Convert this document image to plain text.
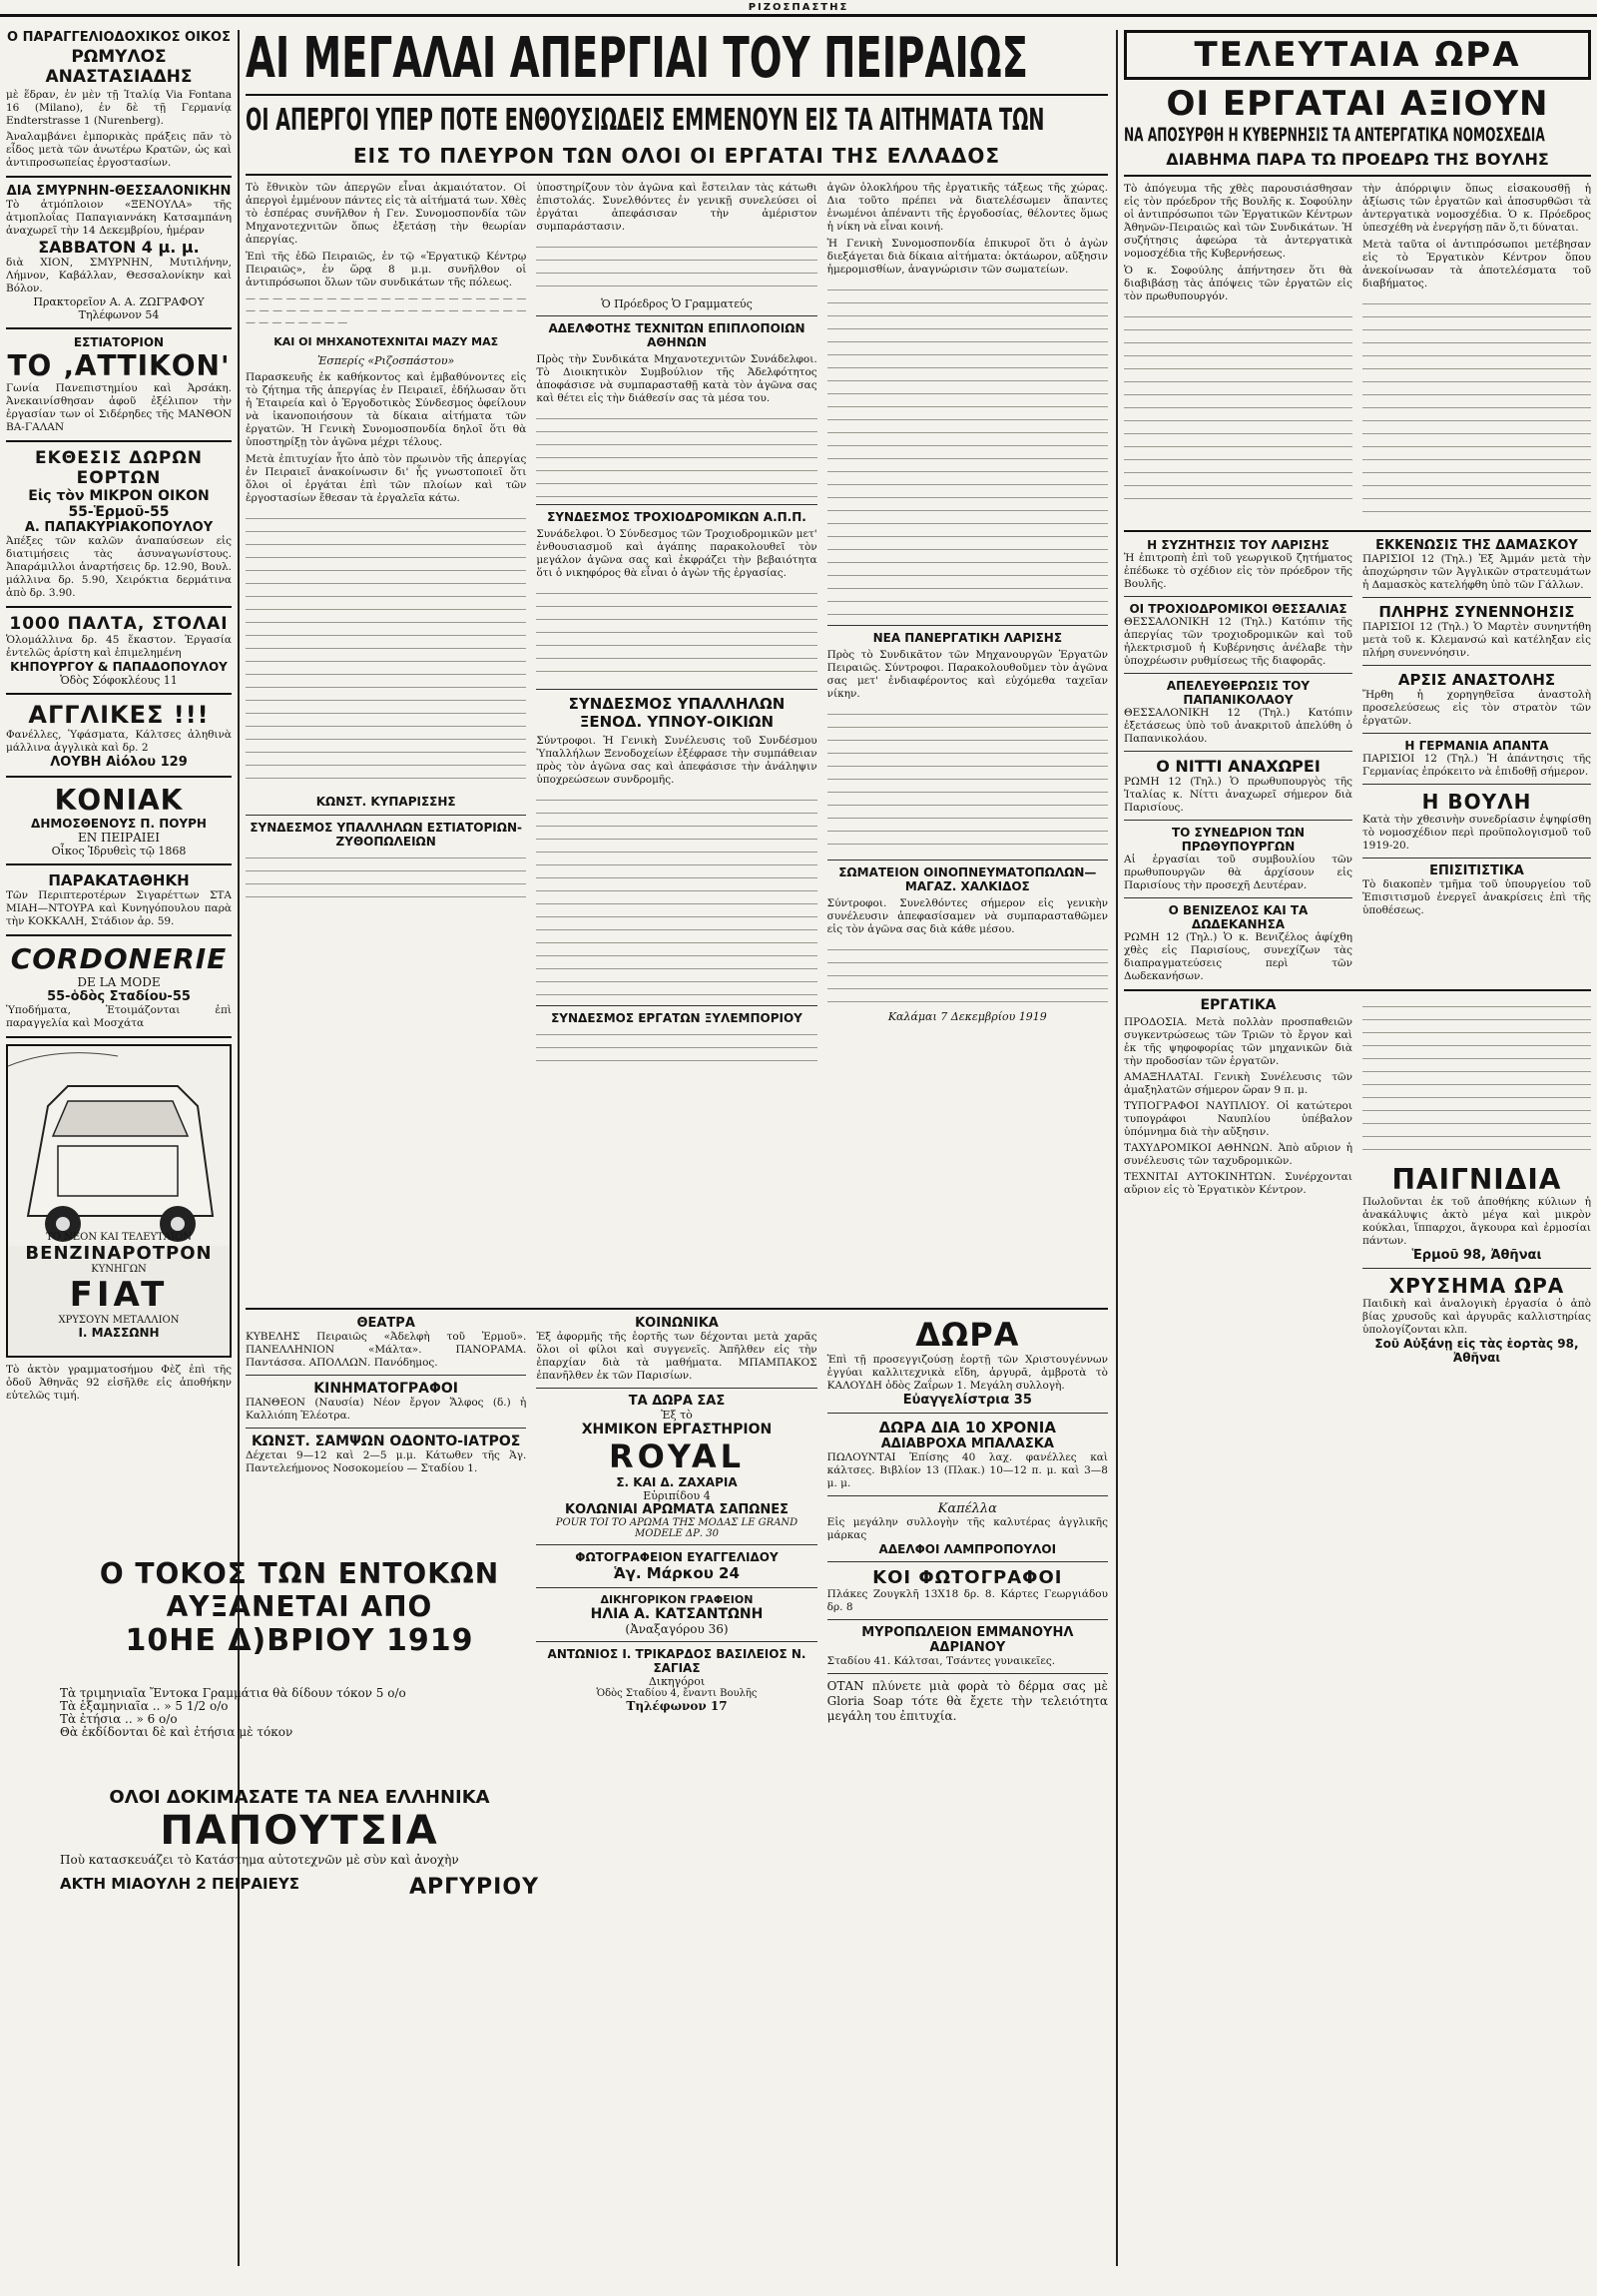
ΡΙΖΟΣΠΑΣΤΗΣ
Ο ΠΑΡΑΓΓΕΛΙΟΔΟΧΙΚΟΣ ΟΙΚΟΣ
ΡΩΜΥΛΟΣ ΑΝΑΣΤΑΣΙΑΔΗΣ
μὲ ἕδραν, ἐν μὲν τῇ Ἰταλίᾳ Via Fontana 16 (Milano), ἐν δὲ τῇ Γερμανίᾳ Endterstrasse 1 (Nurenberg).
Ἀναλαμβάνει ἐμπορικὰς πράξεις πᾶν τὸ εἶδος μετὰ τῶν ἀνωτέρω Κρατῶν, ὡς καὶ ἀντιπροσωπείας ἐργοστασίων.
ΔΙΑ ΣΜΥΡΝΗΝ-ΘΕΣΣΑΛΟΝΙΚΗΝ
Τὸ ἀτμόπλοιον «ΞΕΝΟΥΛΑ» τῆς ἀτμοπλοΐας Παπαγιαννάκη Κατσαμπάνη ἀναχωρεῖ τὴν 14 Δεκεμβρίου, ἡμέραν
ΣΑΒΒΑΤΟΝ 4 μ. μ.
διὰ ΧΙΟΝ, ΣΜΥΡΝΗΝ, Μυτιλήνην, Λήμνον, Καβάλλαν, Θεσσαλονίκην καὶ Βόλον.
Πρακτορεῖον Α. Α. ΖΩΓΡΑΦΟΥ
Τηλέφωνον 54
ΕΣΤΙΑΤΟΡΙΟΝ
ΤΟ ‚ΑΤΤΙΚΟΝ'
Γωνία Πανεπιστημίου καὶ Ἀρσάκη. Ἀνεκαινίσθησαν ἀφοῦ ἐξέλιπον τὴν ἐργασίαν των οἱ Σιδέρηδες τῆς ΜΑΝΘΟΝ ΒΑ-ΓΑΛΑΝ
ΕΚΘΕΣΙΣ ΔΩΡΩΝ ΕΟΡΤΩΝ
Εἰς τὸν ΜΙΚΡΟΝ ΟΙΚΟΝ
55-Ἑρμοῦ-55
Α. ΠΑΠΑΚΥΡΙΑΚΟΠΟΥΛΟΥ
Ἀπέξες τῶν καλῶν ἀναπαύσεων εἰς διατιμήσεις τὰς ἀσυναγωνίστους. Ἀπαράμιλλοι ἀναρτήσεις δρ. 12.90, Βουλ. μάλλινα δρ. 5.90, Χειρόκτια δερμάτινα ἀπὸ δρ. 3.90.
1000 ΠΑΛΤΑ, ΣΤΟΛΑΙ
Ὁλομάλλινα δρ. 45 ἕκαστον. Ἐργασία ἐντελῶς ἀρίστη καὶ ἐπιμελημένη
ΚΗΠΟΥΡΓΟΥ & ΠΑΠΑΔΟΠΟΥΛΟΥ
Ὁδὸς Σόφοκλέους 11
ΑΓΓΛΙΚΕΣ !!!
Φανέλλες, Ὑφάσματα, Κάλτσες ἀληθινὰ μάλλινα ἀγγλικὰ καὶ δρ. 2
ΛΟΥΒΗ Αἰόλου 129
ΚΟΝΙΑΚ
ΔΗΜΟΣΘΕΝΟΥΣ Π. ΠΟΥΡΗ
ΕΝ ΠΕΙΡΑΙΕΙ
Οἶκος Ἱδρυθεὶς τῷ 1868
ΠΑΡΑΚΑΤΑΘΗΚΗ
Τῶν Περιπτεροτέρων Σιγαρέττων ΣΤΑ ΜΙΑΗ—ΝΤΟΥΡΑ καὶ Κυνηγόπουλου παρὰ τὴν ΚΟΚΚΑΛΗ, Στάδιον ἀρ. 59.
CORDONERIE
DE LA MODE
55-ὁδὸς Σταδίου-55
Ὑποδήματα, Ἐτοιμάζονται ἐπὶ παραγγελία καὶ Μοσχάτα
ΤΟ ΝΕΟΝ ΚΑΙ ΤΕΛΕΥΤΑΙΟΝ
BENZINAPOTPON
ΚΥΝΗΓΩΝ
FIAT
ΧΡΥΣΟΥΝ ΜΕΤΑΛΛΙΟΝ
Ι. ΜΑΣΣΩΝΗ
Τὸ ἀκτὸν γραμματοσήμου Φὲζ ἐπὶ τῆς ὁδοῦ Ἀθηνᾶς 92 εἰσῆλθε εἰς ἀποθήκην εὐτελῶς τιμή.
ΑΙ ΜΕΓΑΛΑΙ ΑΠΕΡΓΙΑΙ ΤΟΥ ΠΕΙΡΑΙΩΣ
ΟΙ ΑΠΕΡΓΟΙ ΥΠΕΡ ΠΟΤΕ ΕΝΘΟΥΣΙΩΔΕΙΣ ΕΜΜΕΝΟΥΝ ΕΙΣ ΤΑ ΑΙΤΗΜΑΤΑ ΤΩΝ
ΕΙΣ ΤΟ ΠΛΕΥΡΟΝ ΤΩΝ ΟΛΟΙ ΟΙ ΕΡΓΑΤΑΙ ΤΗΣ ΕΛΛΑΔΟΣ

Τὸ ἔθνικὸν τῶν ἀπεργῶν εἶναι ἀκμαιότατον. Οἱ ἀπεργοὶ ἐμμένουν πάντες εἰς τὰ αἰτήματά των. Χθὲς τὸ ἑσπέρας συνῆλθον ἡ Γεν. Συνομοσπονδία τῶν Μηχανοτεχνιτῶν ὅπως ἐξετάσῃ τὴν θεωρίαν ἀπεργίας.

Ἐπὶ τῆς ἐδῶ Πειραιῶς, ἐν τῷ «Ἐργατικῷ Κέντρῳ Πειραιῶς», ἐν ὥρᾳ 8 μ.μ. συνῆλθον οἱ ἀντιπρόσωποι ὅλων τῶν συνδικάτων τῆς πόλεως.

— — — — — — — — — — — — — — — — — — — — — — — — — — — — — — — — — — — — — — — — — — — — — — — — — —
ΚΑΙ ΟΙ ΜΗΧΑΝΟΤΕΧΝΙΤΑΙ ΜΑΖΥ ΜΑΣ
Ἑσπερίς «Ριζοσπάστου»

Παρασκευῆς ἐκ καθήκοντος καὶ ἐμβαθύνοντες εἰς τὸ ζήτημα τῆς ἀπεργίας ἐν Πειραιεῖ, ἐδήλωσαν ὅτι ἡ Ἐταιρεία καὶ ὁ Ἐργοδοτικὸς Σύνδεσμος ὀφείλουν νὰ ἱκανοποιήσουν τὰ δίκαια αἰτήματα τῶν ἐργατῶν. Ἡ Γενικὴ Συνομοσπονδία δηλοῖ ὅτι θὰ ὑποστηρίξῃ τὸν ἀγῶνα μέχρι τέλους.

Μετὰ ἐπιτυχίαν ἦτο ἀπὸ τὸν πρωινὸν τῆς ἀπεργίας ἐν Πειραιεῖ ἀνακοίνωσιν δι' ἧς γνωστοποιεῖ ὅτι ὅλοι οἱ ἐργάται ἐπὶ τῶν πλοίων καὶ τῶν ἐργοστασίων ἔθεσαν τὰ ἐργαλεῖα κάτω.

ΚΩΝΣΤ. ΚΥΠΑΡΙΣΣΗΣ
ΣΥΝΔΕΣΜΟΣ ΥΠΑΛΛΗΛΩΝ ΕΣΤΙΑΤΟΡΙΩΝ-ΖΥΘΟΠΩΛΕΙΩΝ

ὑποστηρίζουν τὸν ἀγῶνα καὶ ἔστειλαν τὰς κάτωθι ἐπιστολάς. Συνελθόντες ἐν γενικῇ συνελεύσει οἱ ἐργάται ἀπεφάσισαν τὴν ἀμέριστον συμπαράστασιν.

Ὁ Πρόεδρος Ὁ Γραμματεύς
ΑΔΕΛΦΟΤΗΣ ΤΕΧΝΙΤΩΝ ΕΠΙΠΛΟΠΟΙΩΝ ΑΘΗΝΩΝ

Πρὸς τὴν Συνδικάτα Μηχανοτεχνιτῶν Συνάδελφοι. Τὸ Διοικητικὸν Συμβούλιον τῆς Ἀδελφότητος ἀποφάσισε νὰ συμπαρασταθῇ κατὰ τὸν ἀγῶνα σας καὶ θέτει εἰς τὴν διάθεσίν σας τὰ μέσα του.

ΣΥΝΔΕΣΜΟΣ ΤΡΟΧΙΟΔΡΟΜΙΚΩΝ Α.Π.Π.

Συνάδελφοι. Ὁ Σύνδεσμος τῶν Τροχιοδρομικῶν μετ' ἐνθουσιασμοῦ καὶ ἀγάπης παρακολουθεῖ τὸν μεγάλον ἀγῶνα σας καὶ ἐκφράζει τὴν βεβαιότητα ὅτι ὁ νικηφόρος θὰ εἶναι ὁ ἀγὼν τῆς ἐργασίας.

ΣΥΝΔΕΣΜΟΣ ΥΠΑΛΛΗΛΩΝ ΞΕΝΟΔ. ΥΠΝΟΥ-ΟΙΚΙΩΝ

Σύντροφοι. Ἡ Γενικὴ Συνέλευσις τοῦ Συνδέσμου Ὑπαλλήλων Ξενοδοχείων ἐξέφρασε τὴν συμπάθειαν πρὸς τὸν ἀγῶνα σας καὶ ἀπεφάσισε τὴν ἀνάληψιν ὑποχρεώσεων συνδρομῆς.

ΣΥΝΔΕΣΜΟΣ ΕΡΓΑΤΩΝ ΞΥΛΕΜΠΟΡΙΟΥ

ἀγῶν ὁλοκλήρου τῆς ἐργατικῆς τάξεως τῆς χώρας. Δια τοῦτο πρέπει νὰ διατελέσωμεν ἅπαντες ἑνωμένοι ἀπέναντι τῆς ἐργοδοσίας, θέλοντες ὅμως ἡ νίκη νὰ εἶναι κοινή.

Ἡ Γενικὴ Συνομοσπονδία ἐπικυροῖ ὅτι ὁ ἀγὼν διεξάγεται διὰ δίκαια αἰτήματα: ὀκτάωρον, αὔξησιν ἡμερομισθίων, ἀναγνώρισιν τῶν σωματείων.

ΝΕΑ ΠΑΝΕΡΓΑΤΙΚΗ ΛΑΡΙΣΗΣ

Πρὸς τὸ Συνδικᾶτον τῶν Μηχανουργῶν Ἐργατῶν Πειραιῶς. Σύντροφοι. Παρακολουθοῦμεν τὸν ἀγῶνα σας μετ' ἐνδιαφέροντος καὶ εὐχόμεθα ταχεῖαν νίκην.

ΣΩΜΑΤΕΙΟΝ ΟΙΝΟΠΝΕΥΜΑΤΟΠΩΛΩΝ—ΜΑΓΑΖ. ΧΑΛΚΙΔΟΣ

Σύντροφοι. Συνελθόντες σήμερον εἰς γενικὴν συνέλευσιν ἀπεφασίσαμεν νὰ συμπαρασταθῶμεν εἰς τὸν ἀγῶνα σας διὰ κάθε μέσου.

Καλάμαι 7 Δεκεμβρίου 1919
ΘΕΑΤΡΑ
ΚΥΒΕΛΗΣ Πειραιῶς «Ἀδελφὴ τοῦ Ἐρμοῦ». ΠΑΝΕΛΛΗΝΙΟΝ «Μάλτα». ΠΑΝΟΡΑΜΑ. Παντάσσα. ΑΠΟΛΛΩΝ. Πανόδημος.
ΚΙΝΗΜΑΤΟΓΡΑΦΟΙ
ΠΑΝΘΕΟΝ (Ναυσία) Νέον ἔργον Ἄλφος (δ.) ἡ Καλλιόπη Ἐλέοτρα.
ΚΩΝΣΤ. ΣΑΜΨΩΝ ΟΔΟΝΤΟ-ΙΑΤΡΟΣ
Δέχεται 9—12 καὶ 2—5 μ.μ. Κάτωθεν τῆς Ἁγ. Παντελεήμονος Νοσοκομείου — Σταδίου 1.
ΚΟΙΝΩΝΙΚΑ
Ἐξ ἀφορμῆς τῆς ἑορτῆς των δέχονται μετὰ χαρᾶς ὅλοι οἱ φίλοι καὶ συγγενεῖς. Ἀπῆλθεν εἰς τὴν ἐπαρχίαν διὰ τὰ μαθήματα. ΜΠΑΜΠΑΚΟΣ ἐπανῆλθεν ἐκ τῶν Παρισίων.
ΤΑ ΔΩΡΑ ΣΑΣ
Ἐξ τὸ
ΧΗΜΙΚΟΝ ΕΡΓΑΣΤΗΡΙΟΝ
ROYAL
Σ. ΚΑΙ Δ. ΖΑΧΑΡΙΑ
Εὐριπίδου 4
ΚΟΛΩΝΙΑΙ ΑΡΩΜΑΤΑ ΣΑΠΩΝΕΣ
POUR TOI TO ΑΡΩΜΑ ΤΗΣ ΜΟΔΑΣ LE GRAND MODELE ΔΡ. 30
ΦΩΤΟΓΡΑΦΕΙΟΝ ΕΥΑΓΓΕΛΙΔΟΥ
Ἁγ. Μάρκου 24
ΔΙΚΗΓΟΡΙΚΟΝ ΓΡΑΦΕΙΟΝ
ΗΛΙΑ Α. ΚΑΤΣΑΝΤΩΝΗ
(Ἀναξαγόρου 36)
ΑΝΤΩΝΙΟΣ Ι. ΤΡΙΚΑΡΔΟΣ ΒΑΣΙΛΕΙΟΣ Ν. ΣΑΓΙΑΣ
Δικηγόροι
Ὁδὸς Σταδίου 4, ἔναντι Βουλῆς
Τηλέφωνον 17
ΔΩΡΑ
Ἐπὶ τῇ προσεγγιζούσῃ ἑορτῇ τῶν Χριστουγέννων ἐγγύαι καλλιτεχνικὰ εἴδη, ἀργυρᾶ, ἀμβροτὰ τὸ ΚΑΛΟΥΔΗ ὁδὸς Ζαΐρων 1. Μεγάλη συλλογὴ.
Εὐαγγελίστρια 35
ΔΩΡΑ ΔΙΑ 10 ΧΡΟΝΙΑ
ΑΔΙΑΒΡΟΧΑ ΜΠΑΛΑΣΚΑ
ΠΩΛΟΥΝΤΑΙ Ἐπίσης 40 λαχ. φανέλλες καὶ κάλτσες. Βιβλίον 13 (Πλακ.) 10—12 π. μ. καὶ 3—8 μ. μ.
Καπέλλα
Εἰς μεγάλην συλλογὴν τῆς καλυτέρας ἀγγλικῆς μάρκας
ΑΔΕΛΦΟΙ ΛΑΜΠΡΟΠΟΥΛΟΙ
ΚΟΙ ΦΩΤΟΓΡΑΦΟΙ
Πλάκες Ζουγκλῆ 13Χ18 δρ. 8. Κάρτες Γεωργιάδου δρ. 8
ΜΥΡΟΠΩΛΕΙΟΝ ΕΜΜΑΝΟΥΗΛ ΑΔΡΙΑΝΟΥ
Σταδίου 41. Κάλτσαι, Τσάντες γυναικεῖες.
ΟΤΑΝ πλύνετε μιὰ φορὰ τὸ δέρμα σας μὲ Gloria Soap τότε θὰ ἔχετε τὴν τελειότητα μεγάλη του ἐπιτυχία.
Ο ΤΟΚΟΣ ΤΩΝ ΕΝΤΟΚΩΝ
ΑΥΞΑΝΕΤΑΙ ΑΠΟ
10ΗΕ Δ)ΒΡΙΟΥ 1919
Τὰ τριμηνιαῖα Ἔντοκα Γραμμάτια θὰ δίδουν τόκον 5 ο/ο
Τὰ ἑξαμηνιαῖα .. » 5 1/2 ο/ο
Τὰ ἐτήσια .. » 6 ο/ο
Θὰ ἐκδίδονται δὲ καὶ ἐτήσια μὲ τόκον
ΟΛΟΙ ΔΟΚΙΜΑΣΑΤΕ ΤΑ ΝΕΑ ΕΛΛΗΝΙΚΑ
ΠΑΠΟΥΤΣΙΑ
Ποὺ κατασκευάζει τὸ Κατάστημα αὐτοτεχνῶν μὲ σὺν καὶ ἀνοχὴν
ΑΚΤΗ ΜΙΑΟΥΛΗ 2 ΠΕΙΡΑΙΕΥΣ	ΑΡΓΥΡΙΟΥ
ΤΕΛΕΥΤΑΙΑ ΩΡΑ
ΟΙ ΕΡΓΑΤΑΙ ΑΞΙΟΥΝ
ΝΑ ΑΠΟΣΥΡΘΗ Η ΚΥΒΕΡΝΗΣΙΣ ΤΑ ΑΝΤΕΡΓΑΤΙΚΑ ΝΟΜΟΣΧΕΔΙΑ
ΔΙΑΒΗΜΑ ΠΑΡΑ ΤΩ ΠΡΟΕΔΡΩ ΤΗΣ ΒΟΥΛΗΣ

Τὸ ἀπόγευμα τῆς χθὲς παρουσιάσθησαν εἰς τὸν πρόεδρον τῆς Βουλῆς κ. Σοφούλην οἱ ἀντιπρόσωποι τῶν Ἐργατικῶν Κέντρων Ἀθηνῶν-Πειραιῶς καὶ τῶν Συνδικάτων. Ἡ συζήτησις ἀφεώρα τὰ ἀντεργατικὰ νομοσχέδια τῆς Κυβερνήσεως.

Ὁ κ. Σοφούλης ἀπήντησεν ὅτι θὰ διαβιβάσῃ τὰς ἀπόψεις τῶν ἐργατῶν εἰς τὸν πρωθυπουργόν.

τὴν ἀπόρριψιν ὅπως εἰσακουσθῇ ἡ ἀξίωσις τῶν ἐργατῶν καὶ ἀποσυρθῶσι τὰ ἀντεργατικὰ νομοσχέδια. Ὁ κ. Πρόεδρος ὑπεσχέθη νὰ ἐνεργήσῃ πᾶν ὅ,τι δύναται.

Μετὰ ταῦτα οἱ ἀντιπρόσωποι μετέβησαν εἰς τὸ Ἐργατικὸν Κέντρον ὅπου ἀνεκοίνωσαν τὰ ἀποτελέσματα τοῦ διαβήματος.

Η ΣΥΖΗΤΗΣΙΣ ΤΟΥ ΛΑΡΙΣΗΣ
Ἡ ἐπιτροπὴ ἐπὶ τοῦ γεωργικοῦ ζητήματος ἐπέδωκε τὸ σχέδιον εἰς τὸν πρόεδρον τῆς Βουλῆς.
ΟΙ ΤΡΟΧΙΟΔΡΟΜΙΚΟΙ ΘΕΣΣΑΛΙΑΣ
ΘΕΣΣΑΛΟΝΙΚΗ 12 (Τηλ.) Κατόπιν τῆς ἀπεργίας τῶν τροχιοδρομικῶν καὶ τοῦ ἠλεκτρισμοῦ ἡ Κυβέρνησις ἀνέλαβε τὴν ὑποχρέωσιν ρυθμίσεως τῆς διαφορᾶς.
ΑΠΕΛΕΥΘΕΡΩΣΙΣ ΤΟΥ ΠΑΠΑΝΙΚΟΛΑΟΥ
ΘΕΣΣΑΛΟΝΙΚΗ 12 (Τηλ.) Κατόπιν ἐξετάσεως ὑπὸ τοῦ ἀνακριτοῦ ἀπελύθη ὁ Παπανικολάου.
Ο ΝΙΤΤΙ ΑΝΑΧΩΡΕΙ
ΡΩΜΗ 12 (Τηλ.) Ὁ πρωθυπουργὸς τῆς Ἰταλίας κ. Νίττι ἀναχωρεῖ σήμερον διὰ Παρισίους.
ΤΟ ΣΥΝΕΔΡΙΟΝ ΤΩΝ ΠΡΩΘΥΠΟΥΡΓΩΝ
Αἱ ἐργασίαι τοῦ συμβουλίου τῶν πρωθυπουργῶν θὰ ἀρχίσουν εἰς Παρισίους τὴν προσεχῆ Δευτέραν.
Ο ΒΕΝΙΖΕΛΟΣ ΚΑΙ ΤΑ ΔΩΔΕΚΑΝΗΣΑ
ΡΩΜΗ 12 (Τηλ.) Ὁ κ. Βενιζέλος ἀφίχθη χθὲς εἰς Παρισίους, συνεχίζων τὰς διαπραγματεύσεις περὶ τῶν Δωδεκανήσων.
ΕΚΚΕΝΩΣΙΣ ΤΗΣ ΔΑΜΑΣΚΟΥ
ΠΑΡΙΣΙΟΙ 12 (Τηλ.) Ἐξ Ἀμμάν μετὰ τὴν ἀποχώρησιν τῶν Ἀγγλικῶν στρατευμάτων ἡ Δαμασκὸς κατελήφθη ὑπὸ τῶν Γάλλων.
ΠΛΗΡΗΣ ΣΥΝΕΝΝΟΗΣΙΣ
ΠΑΡΙΣΙΟΙ 12 (Τηλ.) Ὁ Μαρτὲν συνηντήθη μετὰ τοῦ κ. Κλεμανσώ καὶ κατέληξαν εἰς πλήρη συνεννόησιν.
ΑΡΣΙΣ ΑΝΑΣΤΟΛΗΣ
Ἤρθη ἡ χορηγηθεῖσα ἀναστολὴ προσελεύσεως εἰς τὸν στρατὸν τῶν ἐργατῶν.
Η ΓΕΡΜΑΝΙΑ ΑΠΑΝΤΑ
ΠΑΡΙΣΙΟΙ 12 (Τηλ.) Ἡ ἀπάντησις τῆς Γερμανίας ἐπρόκειτο νὰ ἐπιδοθῇ σήμερον.
Η ΒΟΥΛΗ
Κατὰ τὴν χθεσινὴν συνεδρίασιν ἐψηφίσθη τὸ νομοσχέδιον περὶ προϋπολογισμοῦ τοῦ 1919-20.
ΕΠΙΣΙΤΙΣΤΙΚΑ
Τὸ διακοπὲν τμῆμα τοῦ ὑπουργείου τοῦ Ἐπισιτισμοῦ ἐνεργεῖ ἀνακρίσεις ἐπὶ τῆς ὑποθέσεως.
ΕΡΓΑΤΙΚΑ

ΠΡΟΔΟΣΙΑ. Μετὰ πολλὰν προσπαθειῶν συγκεντρώσεως τῶν Τριῶν τὸ ἔργον καὶ ἐκ τῆς ψηφοφορίας τῶν μηχανικῶν διὰ τὴν προδοσίαν τῶν ἐργατῶν.

ΑΜΑΞΗΛΑΤΑΙ. Γενικὴ Συνέλευσις τῶν ἀμαξηλατῶν σήμερον ὥραν 9 π. μ.

ΤΥΠΟΓΡΑΦΟΙ ΝΑΥΠΛΙΟΥ. Οἱ κατώτεροι τυπογράφοι Ναυπλίου ὑπέβαλον ὑπόμνημα διὰ τὴν αὔξησιν.

ΤΑΧΥΔΡΟΜΙΚΟΙ ΑΘΗΝΩΝ. Ἀπὸ αὔριον ἡ συνέλευσις τῶν ταχυδρομικῶν.

ΤΕΧΝΙΤΑΙ ΑΥΤΟΚΙΝΗΤΩΝ. Συνέρχονται αὔριον εἰς τὸ Ἐργατικὸν Κέντρον.	ΠΑΙΓΝΙΔΙΑ
Πωλοῦνται ἐκ τοῦ ἀποθήκης κύλιων ἡ ἀνακάλυψις ἀκτὸ μέγα καὶ μικρὸν κούκλαι, ἵππαρχοι, ἄγκουρα καὶ ἐρμοσίαι πάντων.
Ἑρμοῦ 98, Ἀθῆναι
ΧΡΥΣΗΜΑ ΩΡΑ
Παιδικὴ καὶ ἀναλογικὴ ἐργασία ὁ ἀπὸ βίας χρυσοῦς καὶ ἀργυρᾶς καλλιστηρίας ὑπολογίζονται κλπ.
Σοῦ Αὐξάνῃ εἰς τὰς ἑορτὰς 98, Ἀθῆναι
